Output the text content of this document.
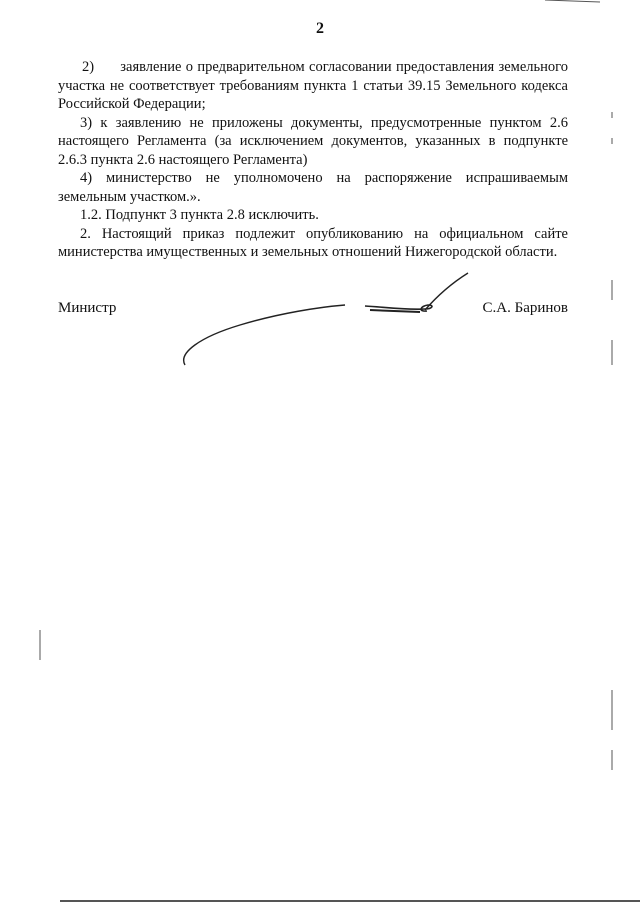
2

2)      заявление о предварительном согласовании предоставления земельного участка не соответствует требованиям пункта 1 статьи 39.15 Земельного кодекса Российской Федерации;

3) к заявлению не приложены документы, предусмотренные пунктом 2.6 настоящего Регламента (за исключением документов, указанных в подпункте 2.6.3 пункта 2.6 настоящего Регламента)

4) министерство не уполномочено на распоряжение испрашиваемым земельным участком.».

1.2. Подпункт 3 пункта 2.8 исключить.

2. Настоящий приказ подлежит опубликованию на официальном сайте министерства имущественных и земельных отношений Нижегородской области.

Министр	С.А. Баринов
